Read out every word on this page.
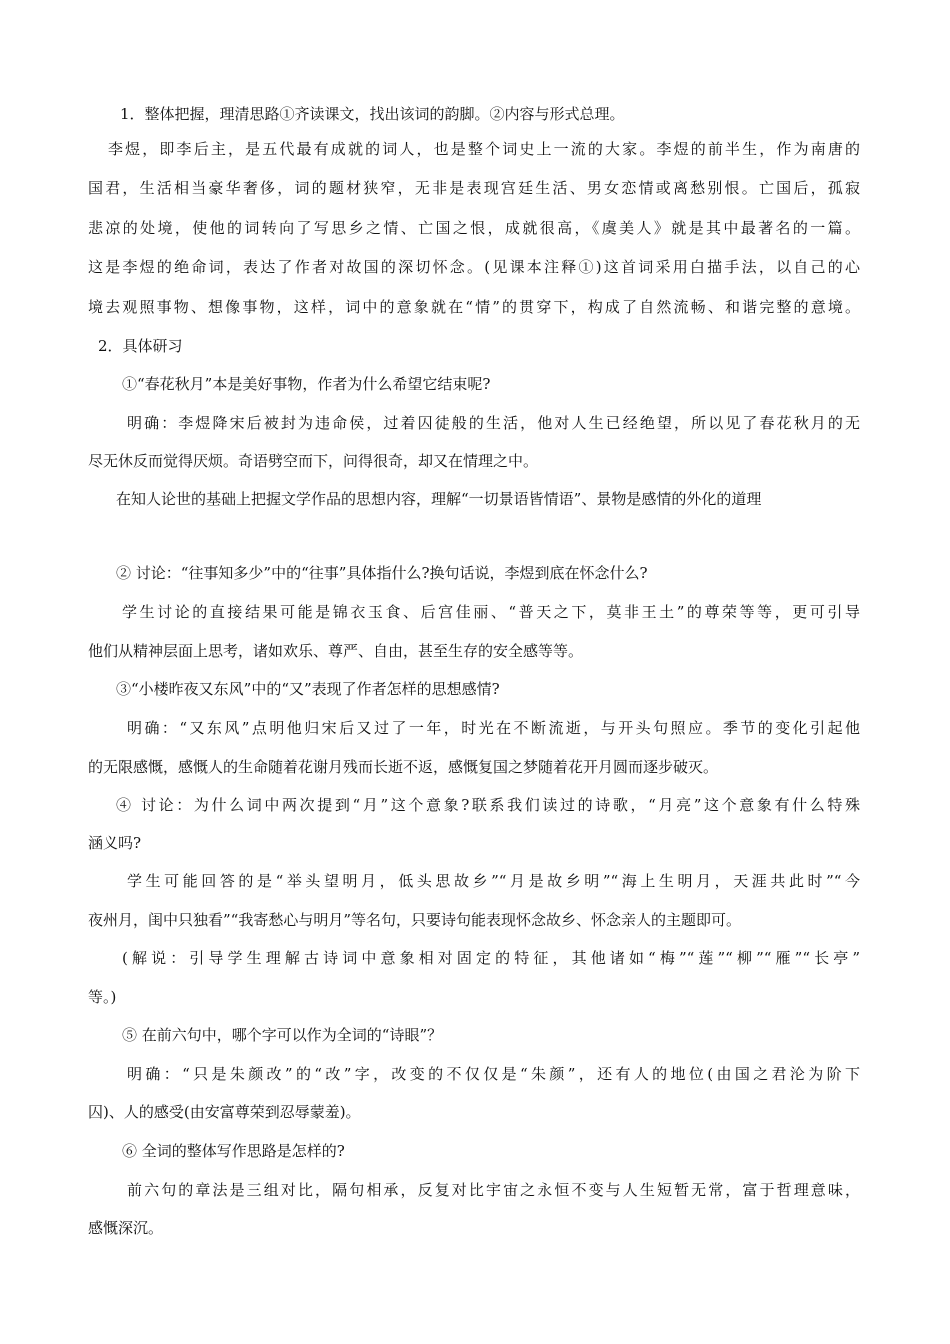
1．整体把握，理清思路①齐读课文，找出该词的韵脚。②内容与形式总理。
李煜，即李后主，是五代最有成就的词人，也是整个词史上一流的大家。李煜的前半生，作为南唐的
国君，生活相当豪华奢侈，词的题材狭窄，无非是表现宫廷生活、男女恋情或离愁别恨。亡国后，孤寂
悲凉的处境，使他的词转向了写思乡之情、亡国之恨，成就很高，《虞美人》就是其中最著名的一篇。
这是李煜的绝命词，表达了作者对故国的深切怀念。(见课本注释①)这首词采用白描手法，以自己的心
境去观照事物、想像事物，这样，词中的意象就在“情”的贯穿下，构成了自然流畅、和谐完整的意境。
2．具体研习
①“春花秋月”本是美好事物，作者为什么希望它结束呢?
明确：李煜降宋后被封为违命侯，过着囚徒般的生活，他对人生已经绝望，所以见了春花秋月的无
尽无休反而觉得厌烦。奇语劈空而下，问得很奇，却又在情理之中。
在知人论世的基础上把握文学作品的思想内容，理解“一切景语皆情语”、景物是感情的外化的道理
② 讨论：“往事知多少”中的“往事”具体指什么?换句话说，李煜到底在怀念什么?
学生讨论的直接结果可能是锦衣玉食、后宫佳丽、“普天之下，莫非王土”的尊荣等等，更可引导
他们从精神层面上思考，诸如欢乐、尊严、自由，甚至生存的安全感等等。
③“小楼昨夜又东风”中的“又”表现了作者怎样的思想感情?
明确：“又东风”点明他归宋后又过了一年，时光在不断流逝，与开头句照应。季节的变化引起他
的无限感慨，感慨人的生命随着花谢月残而长逝不返，感慨复国之梦随着花开月圆而逐步破灭。
④ 讨论：为什么词中两次提到“月”这个意象?联系我们读过的诗歌，“月亮”这个意象有什么特殊
涵义吗?
学生可能回答的是“举头望明月，低头思故乡”“月是故乡明”“海上生明月，天涯共此时”“今
夜州月，闺中只独看”“我寄愁心与明月”等名句，只要诗句能表现怀念故乡、怀念亲人的主题即可。
(解说：引导学生理解古诗词中意象相对固定的特征，其他诸如“梅”“莲”“柳”“雁”“长亭”
等。)
⑤ 在前六句中，哪个字可以作为全词的“诗眼”？
明确：“只是朱颜改”的“改”字，改变的不仅仅是“朱颜”，还有人的地位(由国之君沦为阶下
囚)、人的感受(由安富尊荣到忍辱蒙羞)。
⑥ 全词的整体写作思路是怎样的?
前六句的章法是三组对比，隔句相承，反复对比宇宙之永恒不变与人生短暂无常，富于哲理意味，
感慨深沉。
